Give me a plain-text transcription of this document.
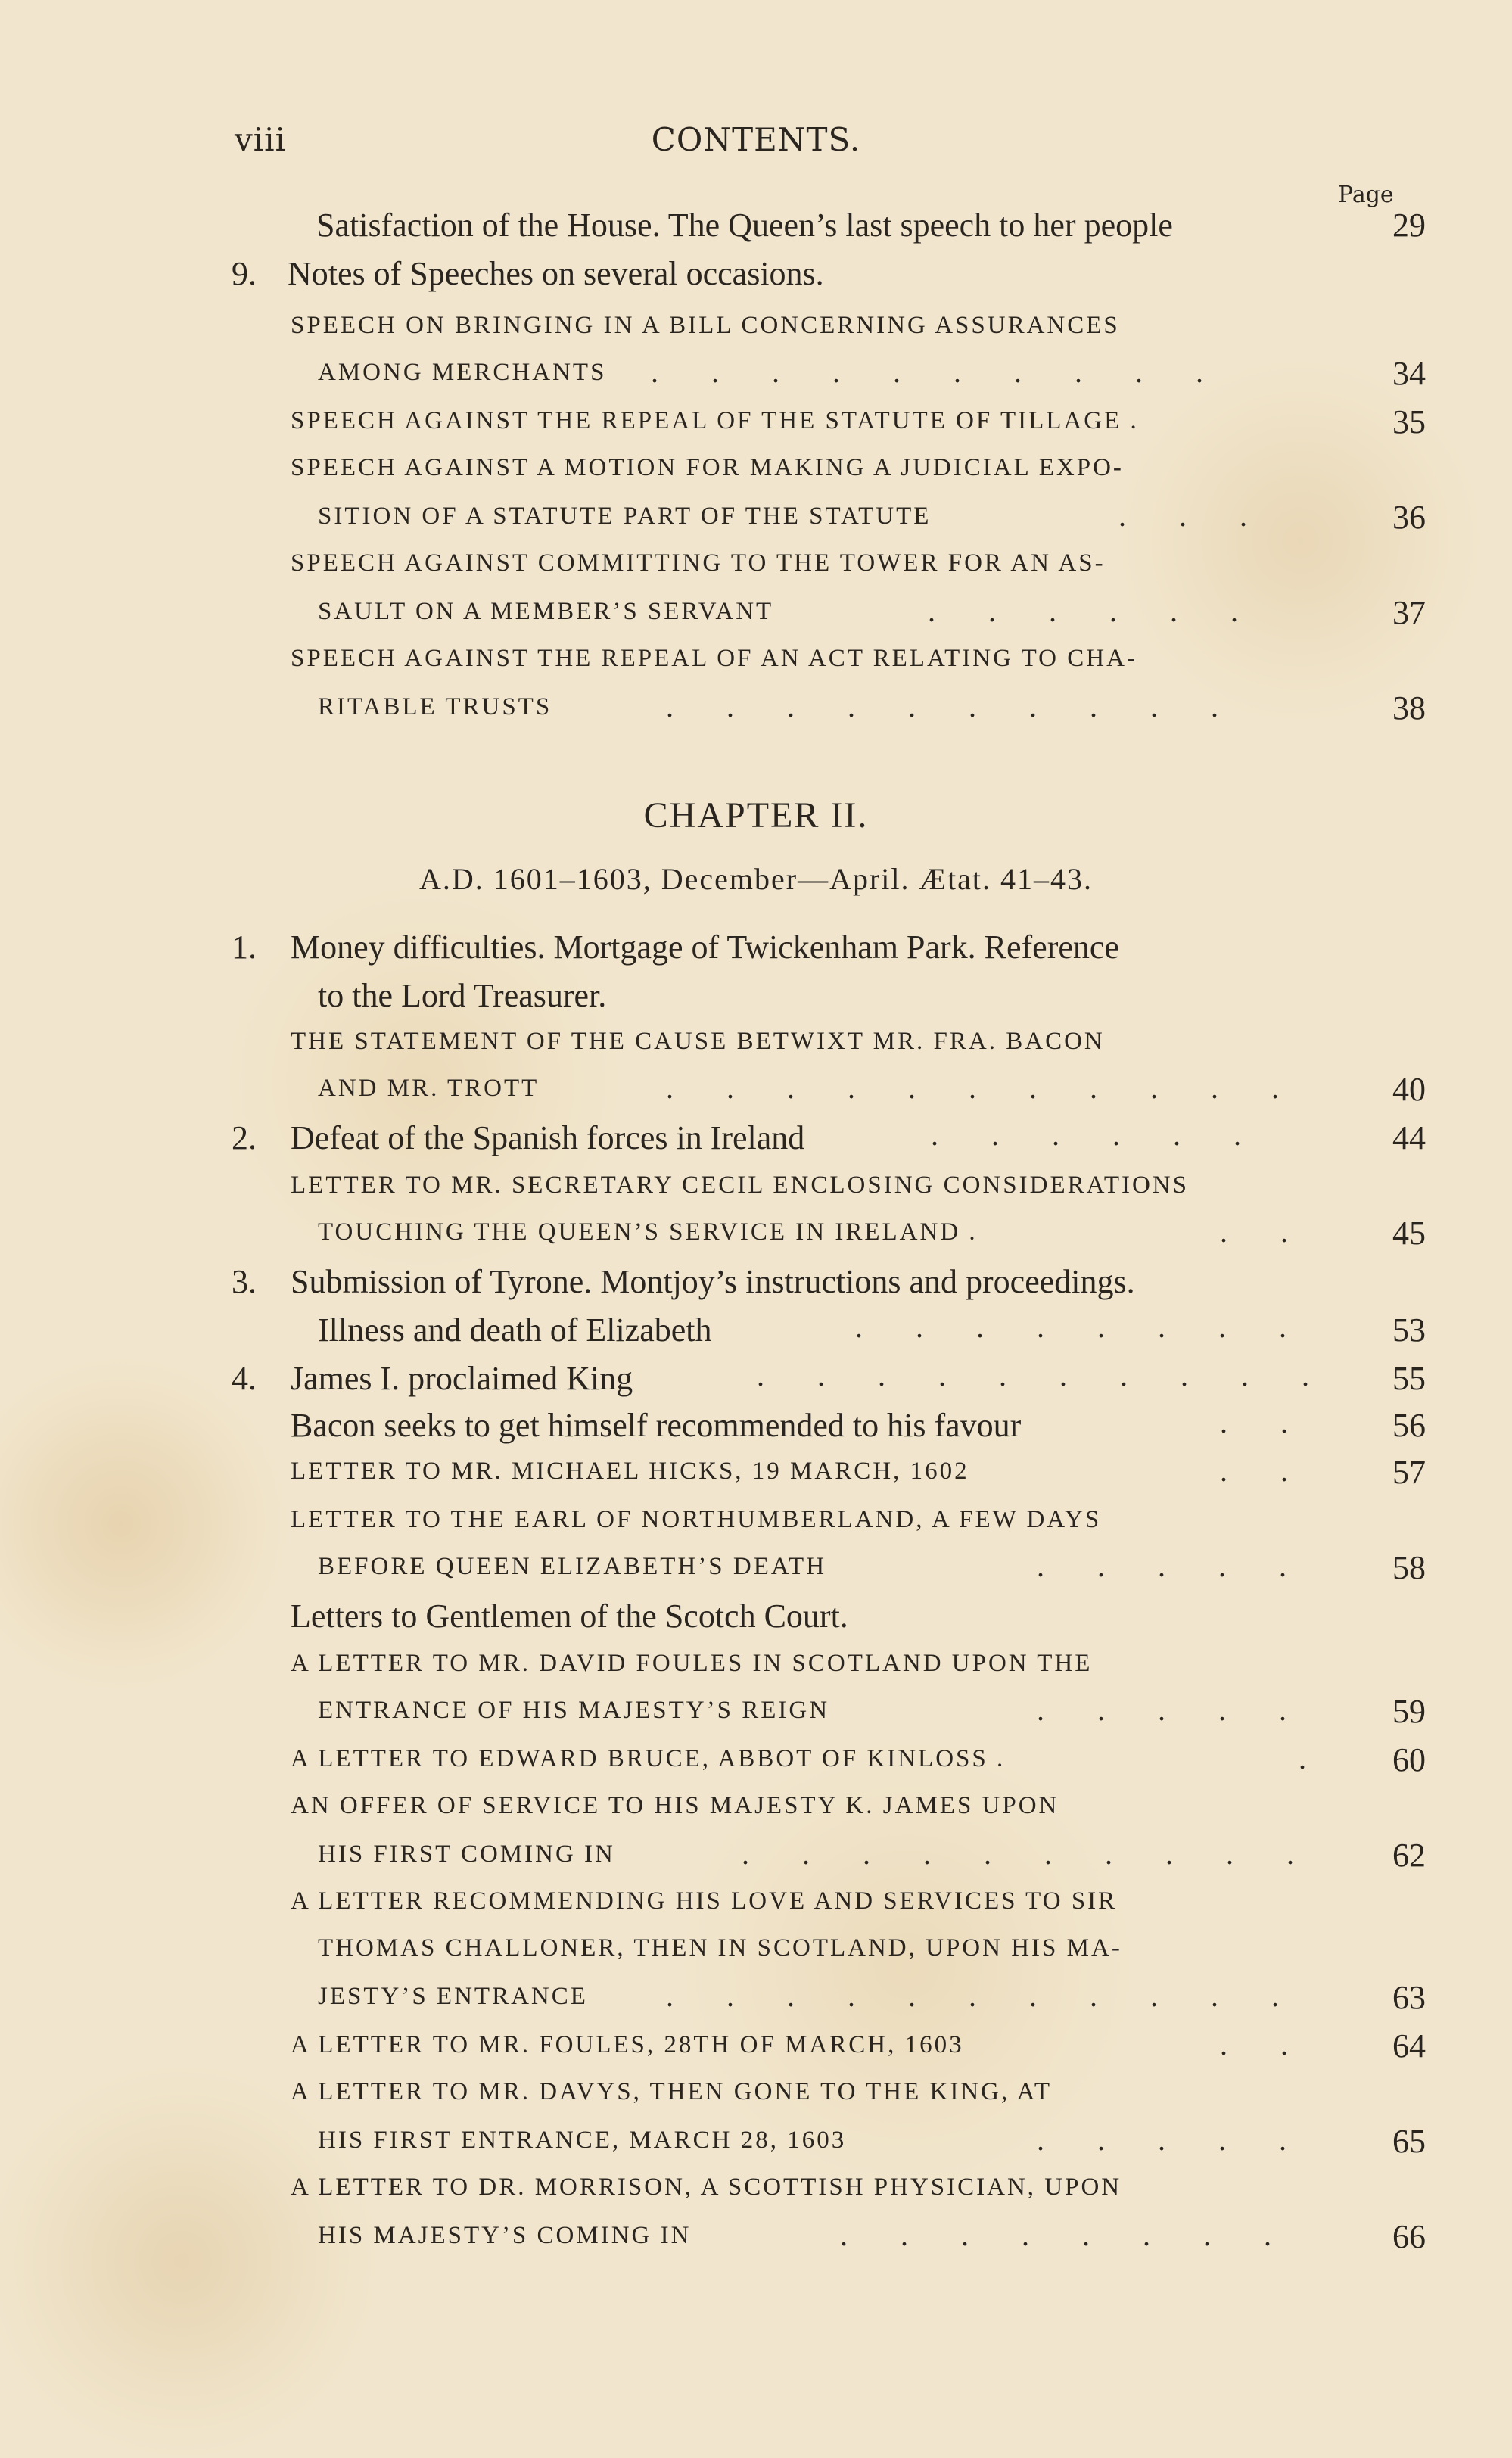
viii	CONTENTS.
Page
Satisfaction of the House. The Queen’s last speech to her people	29
9. Notes of Speeches on several occasions.
SPEECH ON BRINGING IN A BILL CONCERNING ASSURANCES
AMONG MERCHANTS . . . . . . . . . .	34
SPEECH AGAINST THE REPEAL OF THE STATUTE OF TILLAGE .	35
SPEECH AGAINST A MOTION FOR MAKING A JUDICIAL EXPO-
SITION OF A STATUTE PART OF THE STATUTE	. . .	36
SPEECH AGAINST COMMITTING TO THE TOWER FOR AN AS-
SAULT ON A MEMBER’S SERVANT	. . . . . .	37
SPEECH AGAINST THE REPEAL OF AN ACT RELATING TO CHA-
RITABLE TRUSTS	. . . . . . . . . .	38
CHAPTER II.
A.D. 1601–1603, December—April. Ætat. 41–43.
1. Money difficulties. Mortgage of Twickenham Park. Reference
to the Lord Treasurer.
THE STATEMENT OF THE CAUSE BETWIXT MR. FRA. BACON
AND MR. TROTT	. . . . . . . . . . .	40
2. Defeat of the Spanish forces in Ireland	. . . . . .	44
LETTER TO MR. SECRETARY CECIL ENCLOSING CONSIDERATIONS
TOUCHING THE QUEEN’S SERVICE IN IRELAND .	. .	45
3. Submission of Tyrone. Montjoy’s instructions and proceedings.
Illness and death of Elizabeth	. . . . . . . .	53
4. James I. proclaimed King	. . . . . . . . . .	55
Bacon seeks to get himself recommended to his favour	. .	56
LETTER TO MR. MICHAEL HICKS, 19 MARCH, 1602	. .	57
LETTER TO THE EARL OF NORTHUMBERLAND, A FEW DAYS
BEFORE QUEEN ELIZABETH’S DEATH	. . . . .	58
Letters to Gentlemen of the Scotch Court.
A LETTER TO MR. DAVID FOULES IN SCOTLAND UPON THE
ENTRANCE OF HIS MAJESTY’S REIGN	. . . . .	59
A LETTER TO EDWARD BRUCE, ABBOT OF KINLOSS .	.	60
AN OFFER OF SERVICE TO HIS MAJESTY K. JAMES UPON
HIS FIRST COMING IN	. . . . . . . . . .	62
A LETTER RECOMMENDING HIS LOVE AND SERVICES TO SIR
THOMAS CHALLONER, THEN IN SCOTLAND, UPON HIS MA-
JESTY’S ENTRANCE	. . . . . . . . . . .	63
A LETTER TO MR. FOULES, 28TH OF MARCH, 1603	. .	64
A LETTER TO MR. DAVYS, THEN GONE TO THE KING, AT
HIS FIRST ENTRANCE, MARCH 28, 1603	. . . . .	65
A LETTER TO DR. MORRISON, A SCOTTISH PHYSICIAN, UPON
HIS MAJESTY’S COMING IN	. . . . . . . .	66
